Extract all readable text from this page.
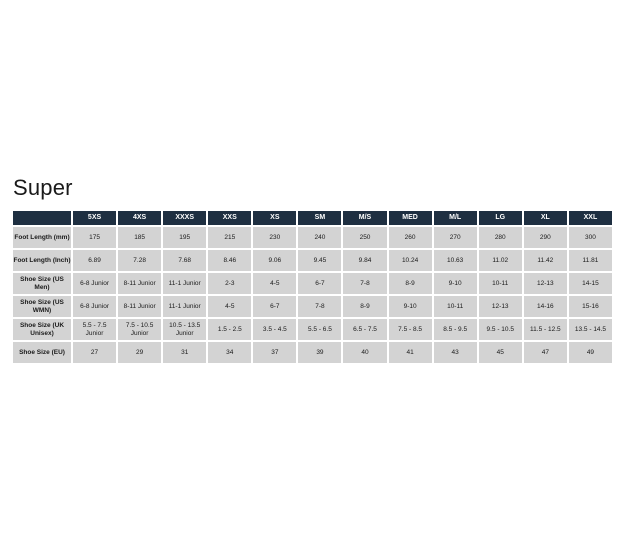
Super
	5XS	4XS	XXXS	XXS	XS	SM	M/S	MED	M/L	LG	XL	XXL
Foot Length (mm)	175	185	195	215	230	240	250	260	270	280	290	300
Foot Length (Inch)	6.89	7.28	7.68	8.46	9.06	9.45	9.84	10.24	10.63	11.02	11.42	11.81
Shoe Size (US Men)	6-8 Junior	8-11 Junior	11-1 Junior	2-3	4-5	6-7	7-8	8-9	9-10	10-11	12-13	14-15
Shoe Size (US WMN)	6-8 Junior	8-11 Junior	11-1 Junior	4-5	6-7	7-8	8-9	9-10	10-11	12-13	14-16	15-16
Shoe Size (UK Unisex)	5.5 - 7.5 Junior	7.5 - 10.5 Junior	10.5 - 13.5 Junior	1.5 - 2.5	3.5 - 4.5	5.5 - 6.5	6.5 - 7.5	7.5 - 8.5	8.5 - 9.5	9.5 - 10.5	11.5 - 12.5	13.5 - 14.5
Shoe Size (EU)	27	29	31	34	37	39	40	41	43	45	47	49
